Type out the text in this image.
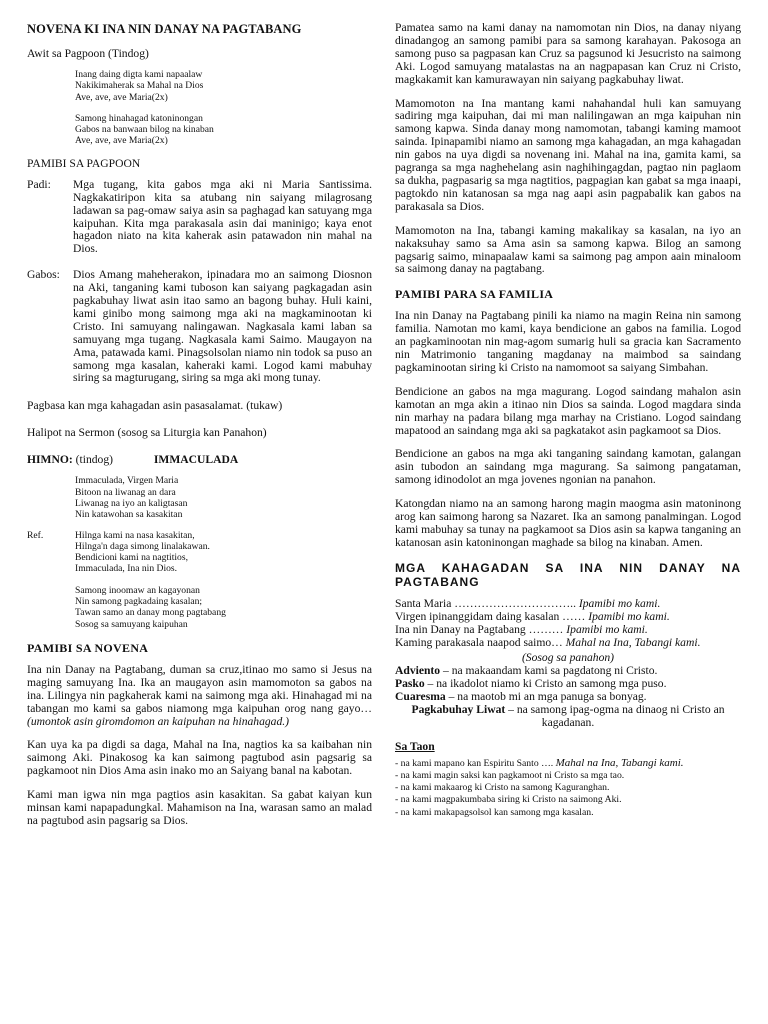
NOVENA KI INA NIN DANAY NA PAGTABANG

Awit sa Pagpoon (Tindog)

Inang daing digta kami napaalaw
Nakikimaherak sa Mahal na Dios
Ave, ave, ave Maria(2x)
Samong hinahagad katoninongan
Gabos na banwaan bilog na kinaban
Ave, ave, ave Maria(2x)

PAMIBI SA PAGPOON

Padi:	Mga tugang, kita gabos mga aki ni Maria Santissima. Nagkakatiripon kita sa atubang nin saiyang milagrosang ladawan sa pag-omaw saiya asin sa paghagad kan satuyang mga kaipuhan. Kita mga parakasala asin dai maninigo; kaya enot hagadon niato na kita kaherak asin patawadon nin mahal na Dios.

Gabos:	Dios Amang maheherakon, ipinadara mo an saimong Diosnon na Aki, tanganing kami tuboson kan saiyang pagkagadan asin pagkabuhay liwat asin itao samo an bagong buhay. Huli kaini, kami ginibo mong saimong mga aki na magkaminootan ki Cristo. Ini samuyang nalingawan. Nagkasala kami laban sa samuyang mga tugang. Nagkasala kami Saimo. Maugayon na Ama, patawada kami. Pinagsolsolan niamo nin todok sa puso an samong mga kasalan, kaheraki kami. Logod kami mabuhay siring sa magturugang, siring sa mga aki mong tunay.

Pagbasa kan mga kahagadan asin pasasalamat. (tukaw)

Halipot na Sermon (sosog sa Liturgia kan Panahon)

HIMNO: (tindog)	IMMACULADA

Immaculada, Virgen Maria
Bitoon na liwanag an dara
Liwanag na iyo an kaligtasan
Nin katawohan sa kasakitan
Ref.	Hilnga kami na nasa kasakitan,
Hilnga'n daga simong linalakawan.
Bendicioni kami na nagtitios,
Immaculada, Ina nin Dios.
Samong inoomaw an kagayonan
Nin samong pagkadaing kasalan;
Tawan samo an danay mong pagtabang
Sosog sa samuyang kaipuhan

PAMIBI SA NOVENA

Ina nin Danay na Pagtabang, duman sa cruz,itinao mo samo si Jesus na maging samuyang Ina. Ika an maugayon asin mamomoton sa gabos na ina. Lilingya nin pagkaherak kami na saimong mga aki. Hinahagad mi na tabangan mo kami sa gabos niamong mga kaipuhan orog nang gayo…(umontok asin giromdomon an kaipuhan na hinahagad.)

Kan uya ka pa digdi sa daga, Mahal na Ina, nagtios ka sa kaibahan nin saimong Aki. Pinakosog ka kan saimong pagtubod asin pagsarig sa pagkamoot nin Dios Ama asin inako mo an Saiyang banal na kabotan.

Kami man igwa nin mga pagtios asin kasakitan. Sa gabat kaiyan kun minsan kami napapadungkal. Mahamison na Ina, warasan samo an malad na pagtubod asin pagsarig sa Dios.

Pamatea samo na kami danay na namomotan nin Dios, na danay niyang dinadangog an samong pamibi para sa samong karahayan. Pakosoga an samong puso sa pagpasan kan Cruz sa pagsunod ki Jesucristo na saimong Aki. Logod samuyang matalastas na an nagpapasan kan Cruz ni Cristo, magkakamit kan kamurawayan nin saiyang pagkabuhay liwat.

Mamomoton na Ina mantang kami nahahandal huli kan samuyang sadiring mga kaipuhan, dai mi man nalilingawan an mga kaipuhan nin samong kapwa. Sinda danay mong namomotan, tabangi kaming mamoot sainda. Ipinapamibi niamo an samong mga kahagadan, an mga kahagadan nin gabos na uya digdi sa novenang ini. Mahal na ina, gamita kami, sa pagranga sa mga naghehelang asin naghihingagdan, pagtao nin paglaom sa dukha, pagpasarig sa mga nagtitios, pagpagian kan gabat sa mga inaapi, pagtokdo nin katanosan sa mga nag aapi asin pagpabalik kan gabos na parakasala sa Dios.

Mamomoton na Ina, tabangi kaming makalikay sa kasalan, na iyo an nakaksuhay samo sa Ama asin sa samong kapwa. Bilog an samong pagsarig saimo, minapaalaw kami sa saimong pag ampon aain minaloom sa saimong danay na pagtabang.

PAMIBI PARA SA FAMILIA

Ina nin Danay na Pagtabang pinili ka niamo na magin Reina nin samong familia. Namotan mo kami, kaya bendicione an gabos na familia. Logod an pagkaminootan nin mag-agom sumarig huli sa gracia kan Sacramento nin Matrimonio tanganing magdanay na maimbod sa saindang pagkaminootan siring ki Cristo na namomoot sa saiyang Simbahan.

Bendicione an gabos na mga magurang. Logod saindang mahalon asin kamotan an mga akin a itinao nin Dios sa sainda. Logod magdara sinda nin marhay na padara bilang mga marhay na Cristiano. Logod saindang mapatood an saindang mga aki sa pagkatakot asin pagkamoot sa Dios.

Bendicione an gabos na mga aki tanganing saindang kamotan, galangan asin tubodon an saindang mga magurang. Sa saimong pangataman, samong idinodolot an mga jovenes ngonian na panahon.

Katongdan niamo na an samong harong magin maogma asin matoninong arog kan saimong harong sa Nazaret. Ika an samong panalmingan. Logod kami mabuhay sa tunay na pagkamoot sa Dios asin sa kapwa tanganing an katanosan asin katoninongan maghade sa bilog na kinaban. Amen.

MGA KAHAGADAN SA INA NIN DANAY NA PAGTABANG

Santa Maria ………………………….. Ipamibi mo kami.
Virgen ipinanggidam daing kasalan …… Ipamibi mo kami.
Ina nin Danay na Pagtabang ……… Ipamibi mo kami.
Kaming parakasala naapod saimo… Mahal na Ina, Tabangi kami.

(Sosog sa panahon)

Adviento – na makaandam kami sa pagdatong ni Cristo.
Pasko – na ikadolot niamo ki Cristo an samong mga puso.
Cuaresma – na maotob mi an mga panuga sa bonyag.
Pagkabuhay Liwat – na samong ipag-ogma na dinaog ni Cristo an kagadanan.

Sa Taon

- na kami mapano kan Espiritu Santo …. Mahal na Ina, Tabangi kami.
- na kami magin saksi kan pagkamoot ni Cristo sa mga tao.
- na kami makaarog ki Cristo na samong Kaguranghan.
- na kami magpakumbaba siring ki Cristo na saimong Aki.
- na kami makapagsolsol kan samong mga kasalan.
